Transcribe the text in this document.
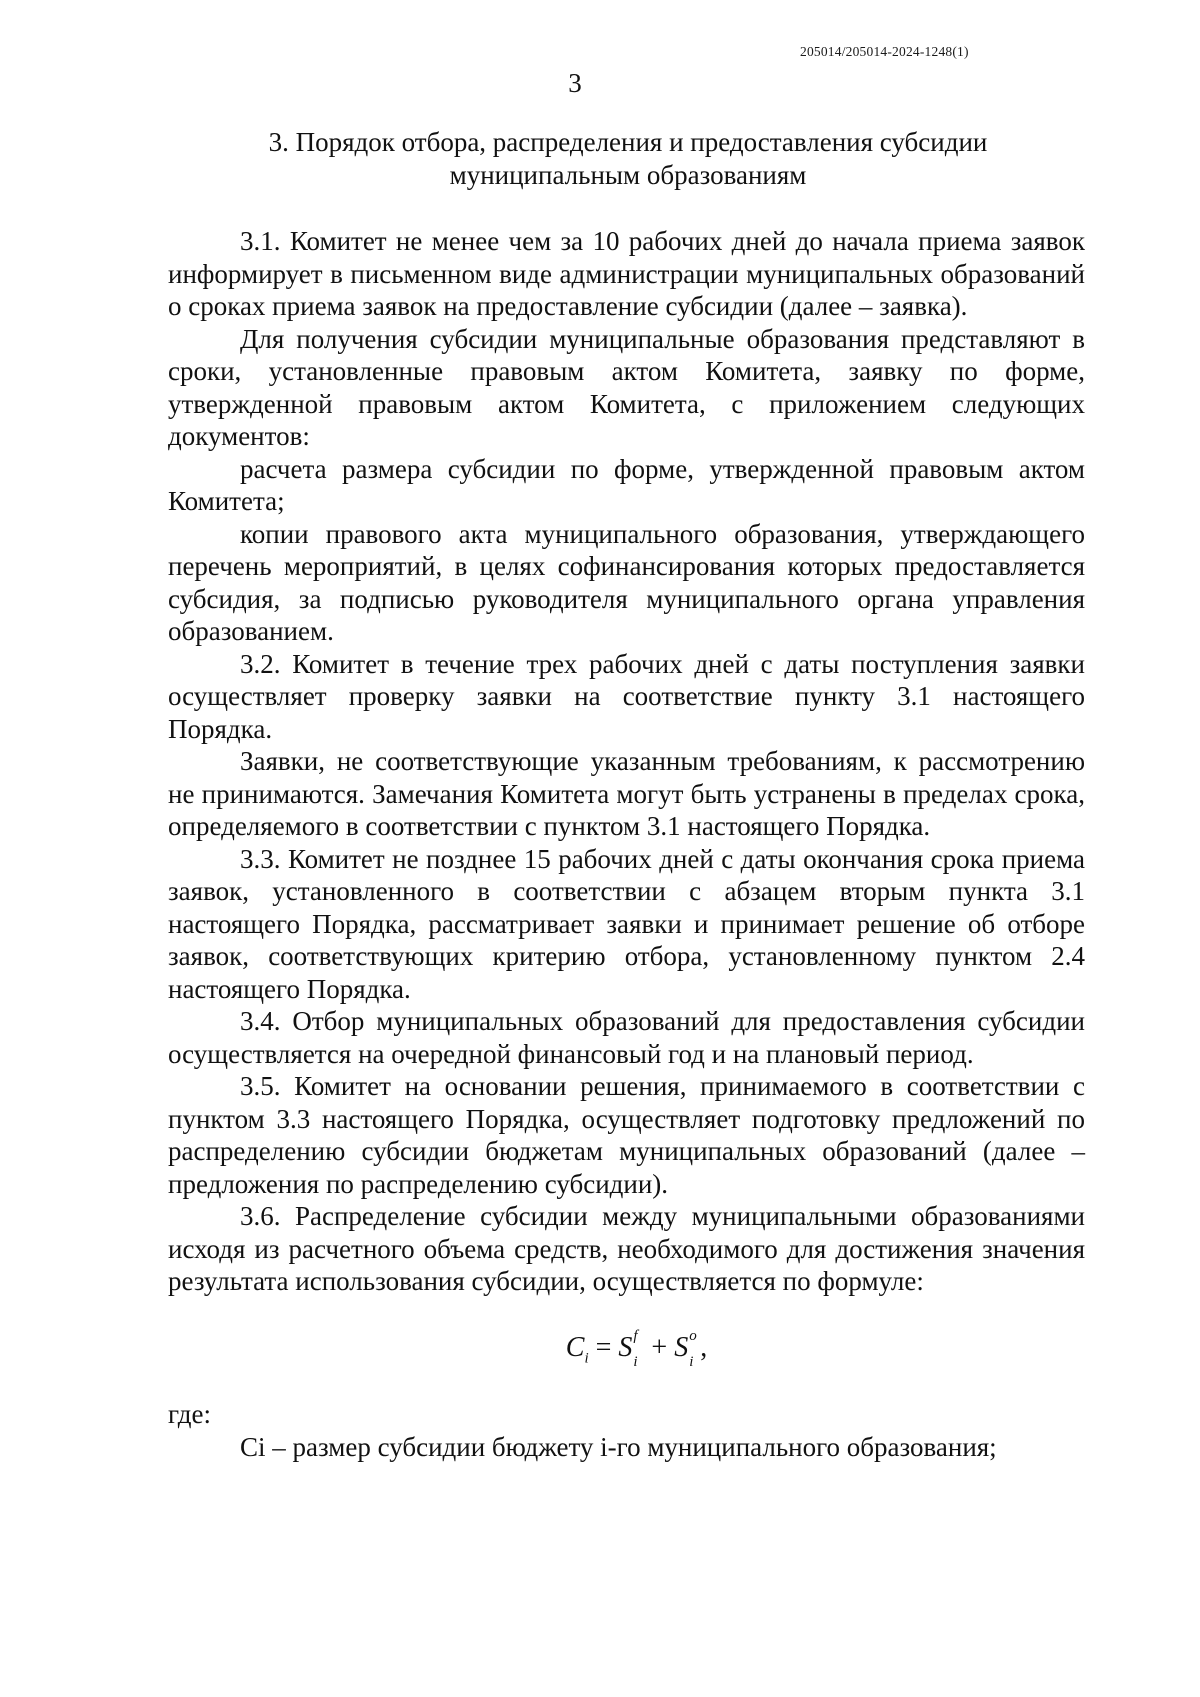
205014/205014-2024-1248(1)
3
3. Порядок отбора, распределения и предоставления субсидии
муниципальным образованиям

3.1. Комитет не менее чем за 10 рабочих дней до начала приема заявок информирует в письменном виде администрации муниципальных образований о сроках приема заявок на предоставление субсидии (далее – заявка).

Для получения субсидии муниципальные образования представляют в сроки, установленные правовым актом Комитета, заявку по форме, утвержденной правовым актом Комитета, с приложением следующих документов:

расчета размера субсидии по форме, утвержденной правовым актом Комитета;

копии правового акта муниципального образования, утверждающего перечень мероприятий, в целях софинансирования которых предоставляется субсидия, за подписью руководителя муниципального органа управления образованием.

3.2. Комитет в течение трех рабочих дней с даты поступления заявки осуществляет проверку заявки на соответствие пункту 3.1 настоящего Порядка.

Заявки, не соответствующие указанным требованиям, к рассмотрению не принимаются. Замечания Комитета могут быть устранены в пределах срока, определяемого в соответствии с пунктом 3.1 настоящего Порядка.

3.3. Комитет не позднее 15 рабочих дней с даты окончания срока приема заявок, установленного в соответствии с абзацем вторым пункта 3.1 настоящего Порядка, рассматривает заявки и принимает решение об отборе заявок, соответствующих критерию отбора, установленному пунктом 2.4 настоящего Порядка.

3.4. Отбор муниципальных образований для предоставления субсидии осуществляется на очередной финансовый год и на плановый период.

3.5. Комитет на основании решения, принимаемого в соответствии с пунктом 3.3 настоящего Порядка, осуществляет подготовку предложений по распределению субсидии бюджетам муниципальных образований (далее – предложения по распределению субсидии).

3.6. Распределение субсидии между муниципальными образованиями исходя из расчетного объема средств, необходимого для достижения значения результата использования субсидии, осуществляется по формуле:

$C_i = S$ f
i + S o
i ,

где:

Ci – размер субсидии бюджету i-го муниципального образования;
